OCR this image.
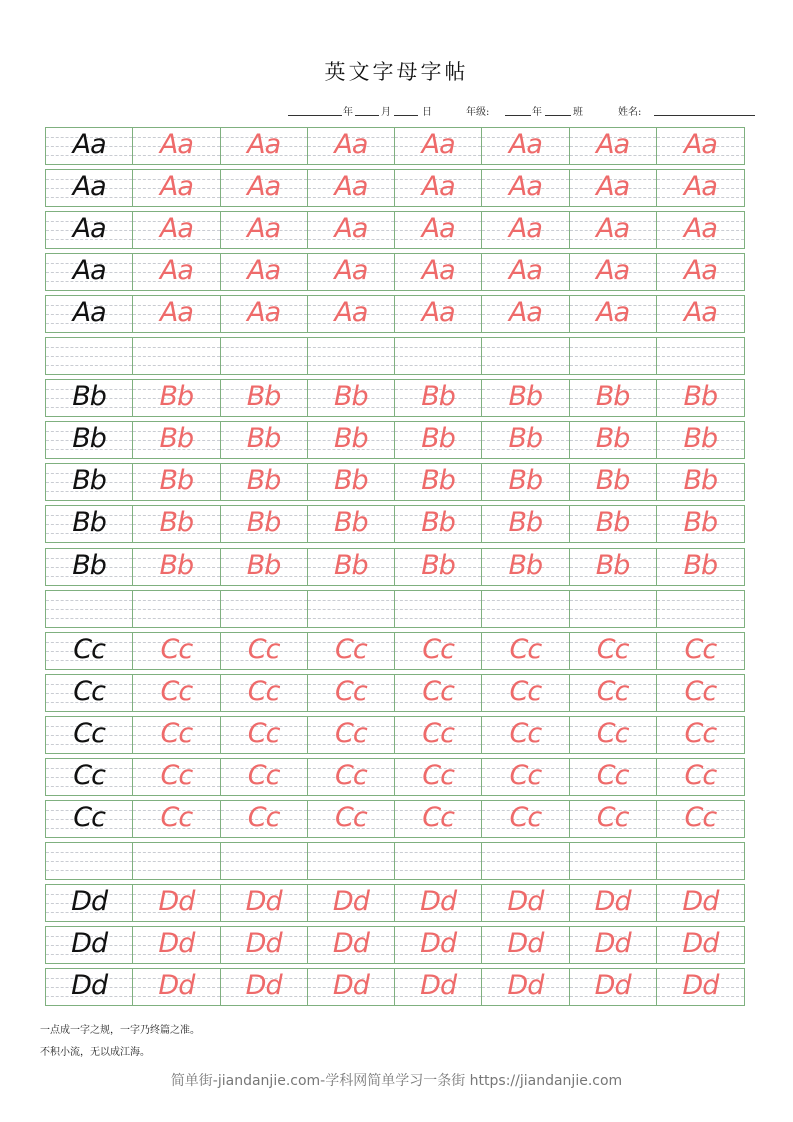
英文字母字帖
年	月	日	年级:	年	班	姓名:
Aa	Aa	Aa	Aa	Aa	Aa	Aa	Aa
Aa	Aa	Aa	Aa	Aa	Aa	Aa	Aa
Aa	Aa	Aa	Aa	Aa	Aa	Aa	Aa
Aa	Aa	Aa	Aa	Aa	Aa	Aa	Aa
Aa	Aa	Aa	Aa	Aa	Aa	Aa	Aa
Bb	Bb	Bb	Bb	Bb	Bb	Bb	Bb
Bb	Bb	Bb	Bb	Bb	Bb	Bb	Bb
Bb	Bb	Bb	Bb	Bb	Bb	Bb	Bb
Bb	Bb	Bb	Bb	Bb	Bb	Bb	Bb
Bb	Bb	Bb	Bb	Bb	Bb	Bb	Bb
Cc	Cc	Cc	Cc	Cc	Cc	Cc	Cc
Cc	Cc	Cc	Cc	Cc	Cc	Cc	Cc
Cc	Cc	Cc	Cc	Cc	Cc	Cc	Cc
Cc	Cc	Cc	Cc	Cc	Cc	Cc	Cc
Cc	Cc	Cc	Cc	Cc	Cc	Cc	Cc
Dd	Dd	Dd	Dd	Dd	Dd	Dd	Dd
Dd	Dd	Dd	Dd	Dd	Dd	Dd	Dd
Dd	Dd	Dd	Dd	Dd	Dd	Dd	Dd
一点成一字之规，一字乃终篇之准。
不积小流，无以成江海。
简单街-jiandanjie.com-学科网简单学习一条街 https://jiandanjie.com
